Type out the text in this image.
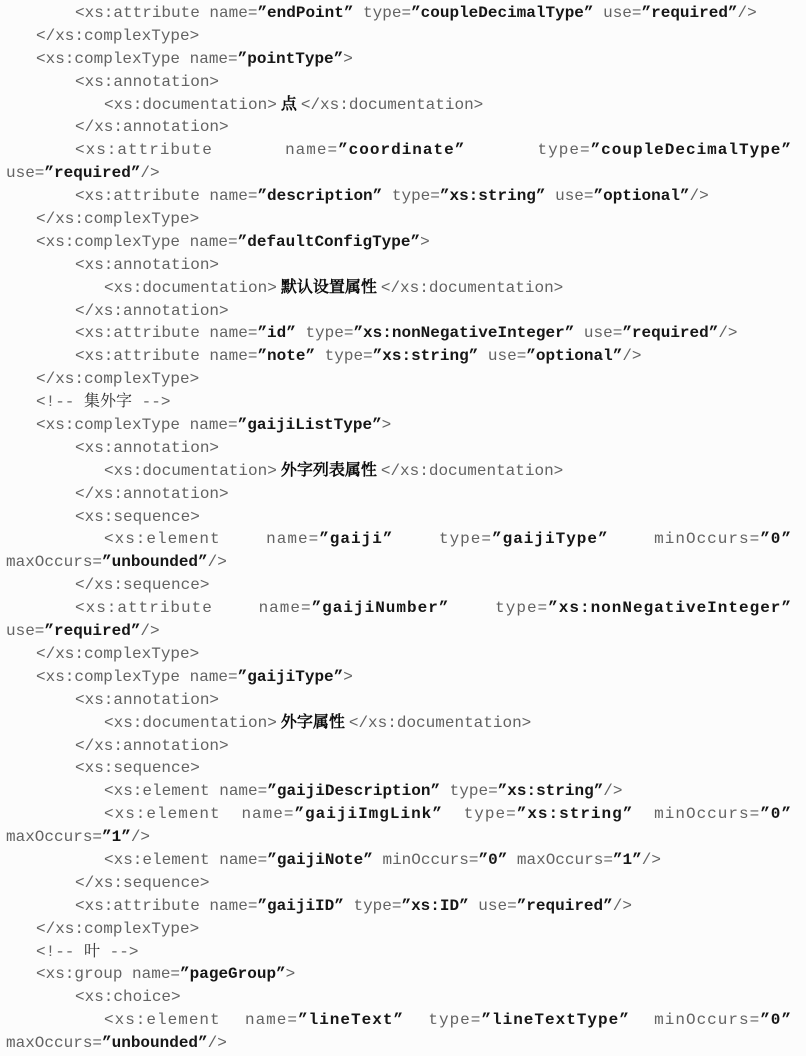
<xs:attribute name=”endPoint” type=”coupleDecimalType” use=”required”/>
</xs:complexType>
<xs:complexType name=”pointType”>
<xs:annotation>
<xs:documentation> 点 </xs:documentation>
</xs:annotation>
<xs:attribute name=”coordinate” type=”coupleDecimalType”
use=”required”/>
<xs:attribute name=”description” type=”xs:string” use=”optional”/>
</xs:complexType>
<xs:complexType name=”defaultConfigType”>
<xs:annotation>
<xs:documentation> 默认设置属性 </xs:documentation>
</xs:annotation>
<xs:attribute name=”id” type=”xs:nonNegativeInteger” use=”required”/>
<xs:attribute name=”note” type=”xs:string” use=”optional”/>
</xs:complexType>
<!-- 集外字 -->
<xs:complexType name=”gaijiListType”>
<xs:annotation>
<xs:documentation> 外字列表属性 </xs:documentation>
</xs:annotation>
<xs:sequence>
<xs:element name=”gaiji” type=”gaijiType” minOccurs=”0”
maxOccurs=”unbounded”/>
</xs:sequence>
<xs:attribute name=”gaijiNumber” type=”xs:nonNegativeInteger”
use=”required”/>
</xs:complexType>
<xs:complexType name=”gaijiType”>
<xs:annotation>
<xs:documentation> 外字属性 </xs:documentation>
</xs:annotation>
<xs:sequence>
<xs:element name=”gaijiDescription” type=”xs:string”/>
<xs:element name=”gaijiImgLink” type=”xs:string” minOccurs=”0”
maxOccurs=”1”/>
<xs:element name=”gaijiNote” minOccurs=”0” maxOccurs=”1”/>
</xs:sequence>
<xs:attribute name=”gaijiID” type=”xs:ID” use=”required”/>
</xs:complexType>
<!-- 叶 -->
<xs:group name=”pageGroup”>
<xs:choice>
<xs:element name=”lineText” type=”lineTextType” minOccurs=”0”
maxOccurs=”unbounded”/>
